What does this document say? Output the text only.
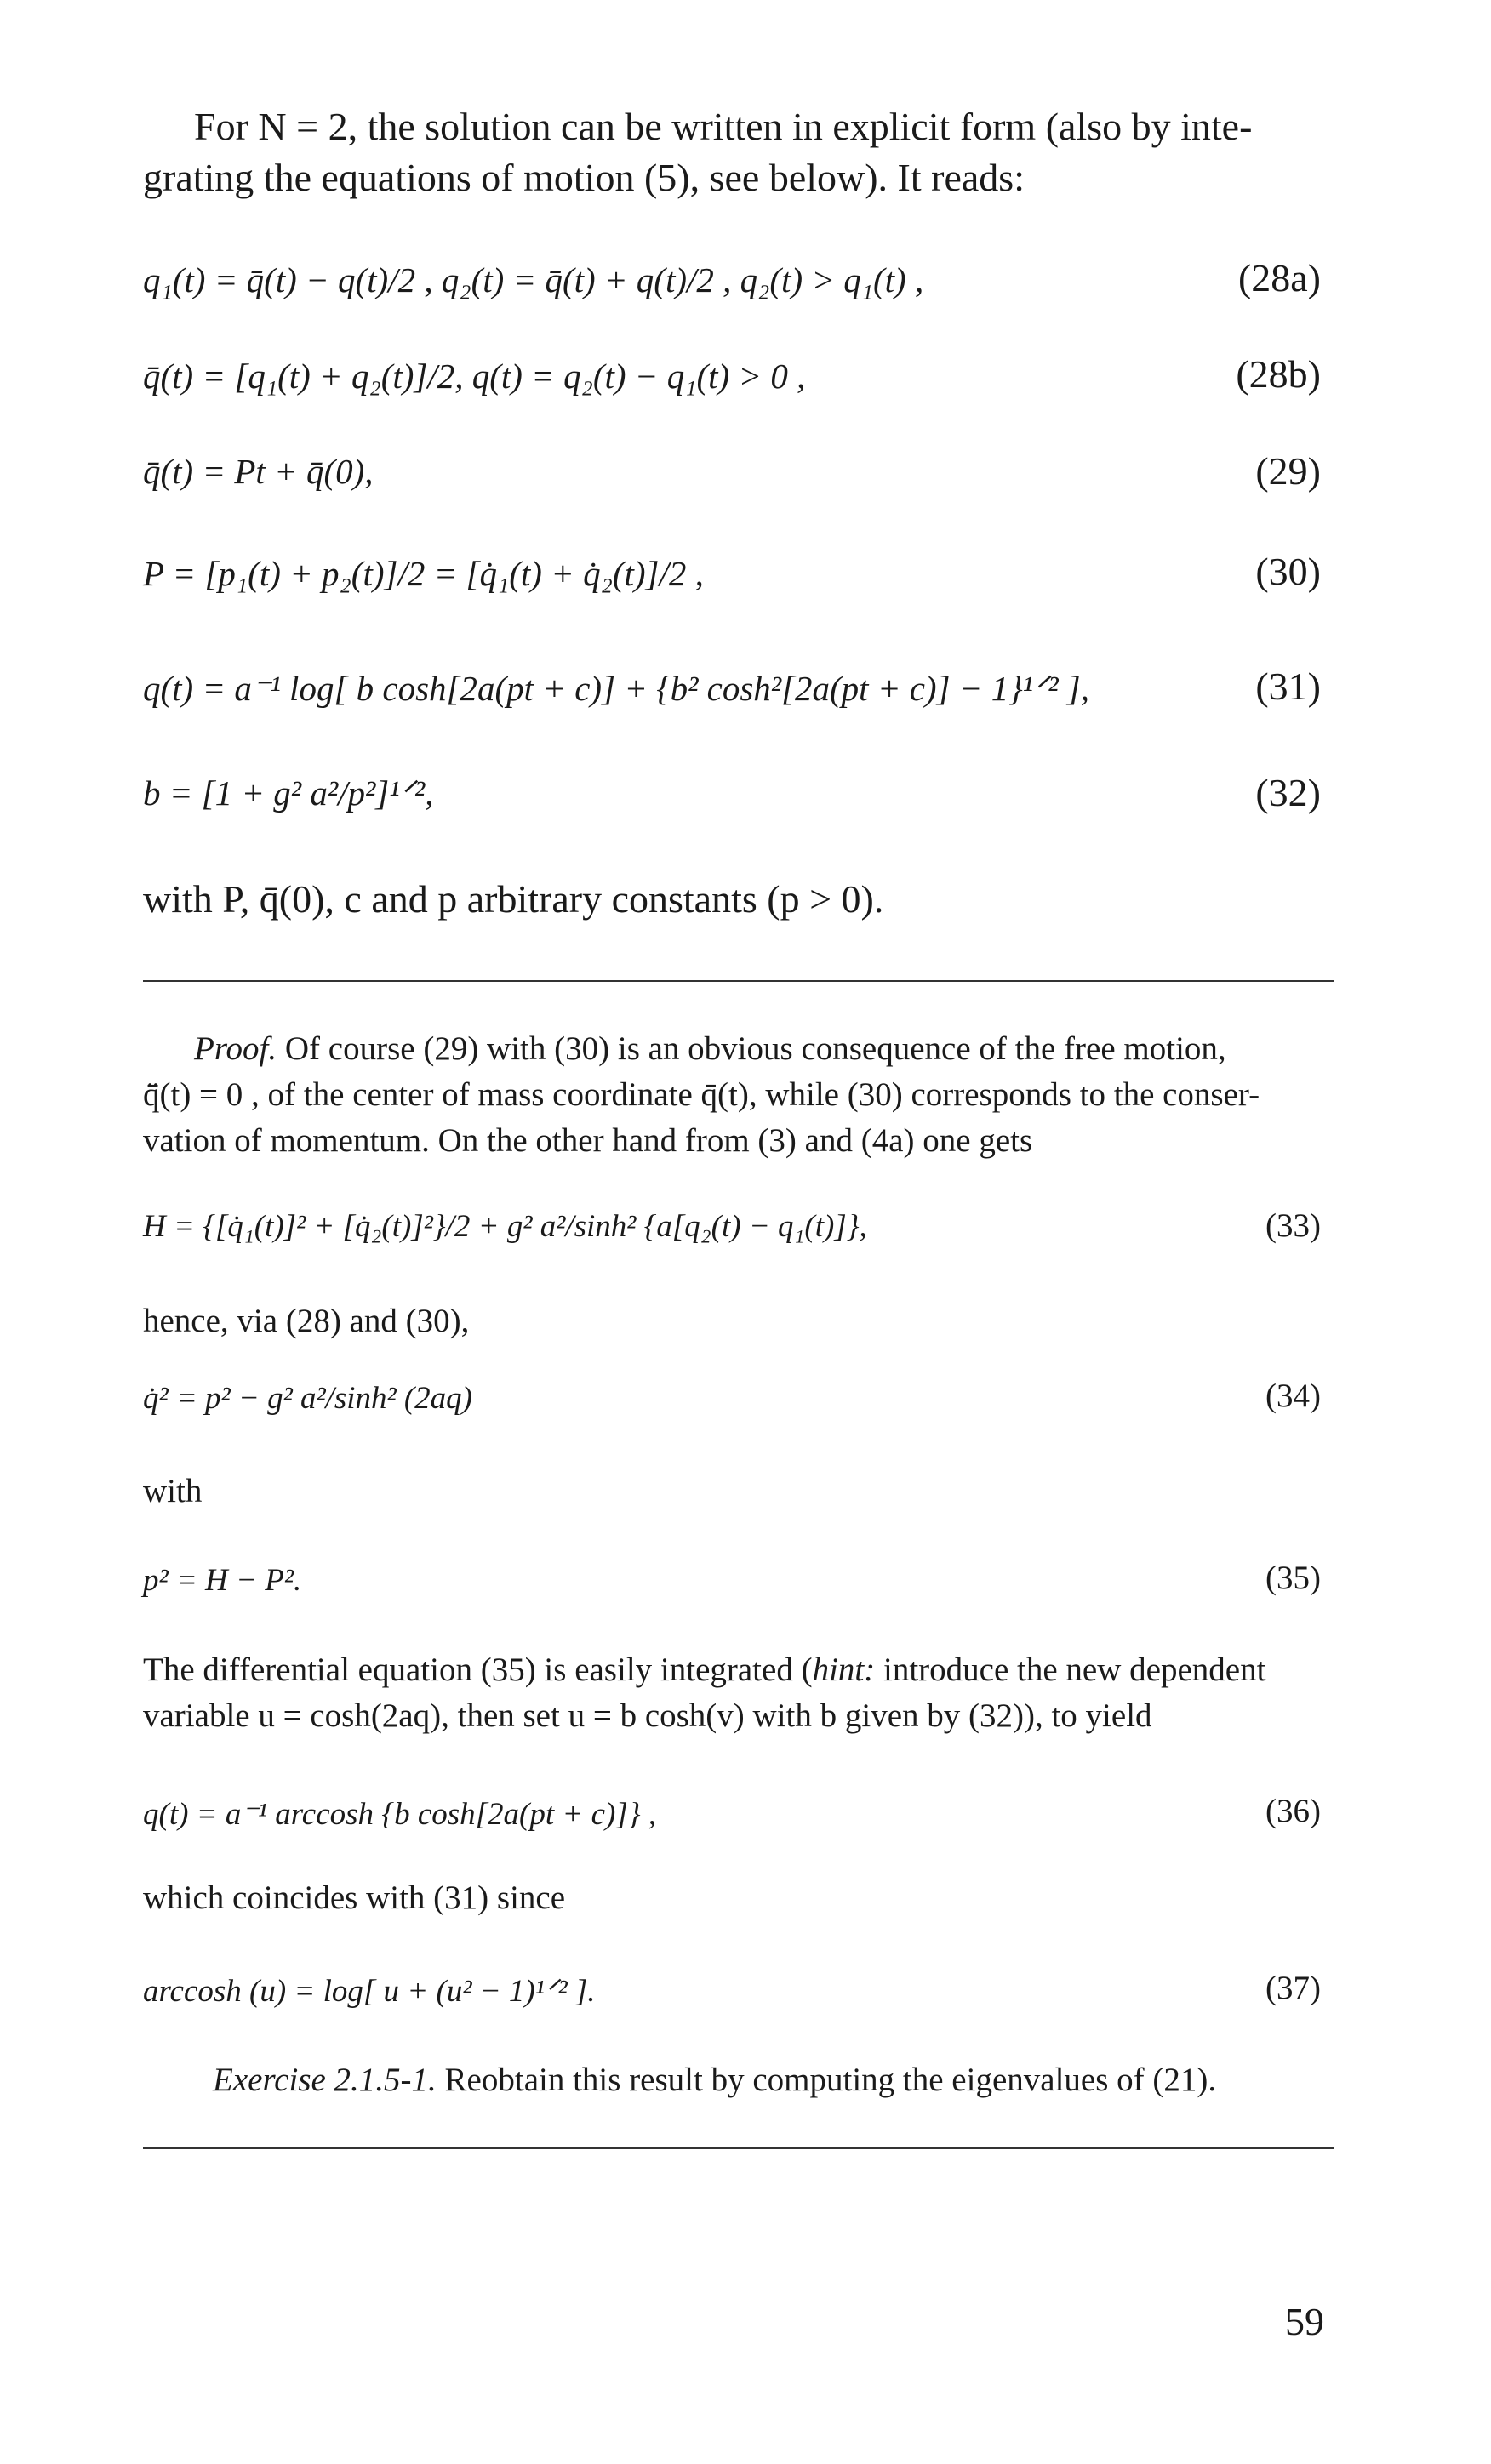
For N = 2, the solution can be written in explicit form (also by inte-

grating the equations of motion (5), see below). It reads:

q₁(t) = q̄(t) − q(t)/2 , q₂(t) = q̄(t) + q(t)/2 , q₂(t) > q₁(t) ,	(28a)
q̄(t) = [q₁(t) + q₂(t)]/2, q(t) = q₂(t) − q₁(t) > 0 ,	(28b)
q̄(t) = Pt + q̄(0),	(29)
P = [p₁(t) + p₂(t)]/2 = [q̇₁(t) + q̇₂(t)]/2 ,	(30)
q(t) = a⁻¹ log[ b cosh[2a(pt + c)] + {b² cosh²[2a(pt + c)] − 1}¹ᐟ² ],	(31)
b = [1 + g² a²/p²]¹ᐟ²,	(32)

with P, q̄(0), c and p arbitrary constants (p > 0).

Proof. Of course (29) with (30) is an obvious consequence of the free motion,

q̈̄(t) = 0 , of the center of mass coordinate q̄(t), while (30) corresponds to the conser-

vation of momentum. On the other hand from (3) and (4a) one gets

H = {[q̇₁(t)]² + [q̇₂(t)]²}/2 + g² a²/sinh² {a[q₂(t) − q₁(t)]},	(33)

hence, via (28) and (30),

q̇² = p² − g² a²/sinh² (2aq)	(34)

with

p² = H − P².	(35)

The differential equation (35) is easily integrated (hint: introduce the new dependent

variable u = cosh(2aq), then set u = b cosh(v) with b given by (32)), to yield

q(t) = a⁻¹ arccosh {b cosh[2a(pt + c)]} ,	(36)

which coincides with (31) since

arccosh (u) = log[ u + (u² − 1)¹ᐟ² ].	(37)

Exercise 2.1.5-1. Reobtain this result by computing the eigenvalues of (21).

59
